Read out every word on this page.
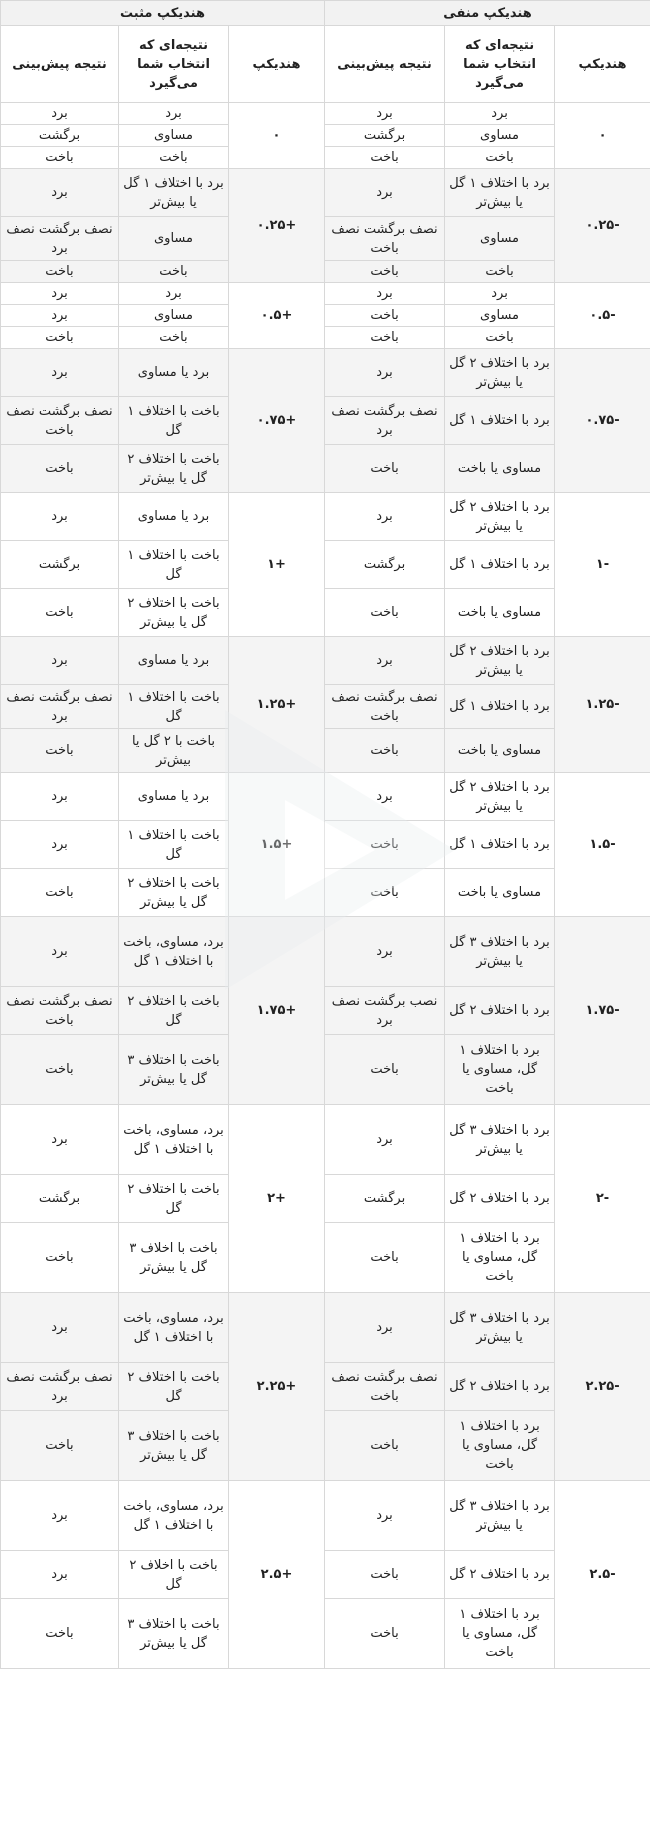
هندیکپ منفی			هندیکپ مثبت		
هندیکپ	نتیجه‌ای که انتخاب شما می‌گیرد	نتیجه پیش‌بینی	هندیکپ	نتیجه‌ای که انتخاب شما می‌گیرد	نتیجه پیش‌بینی
۰	برد	برد	۰	برد	برد
	مساوی	برگشت		مساوی	برگشت
	باخت	باخت		باخت	باخت
۰.۲۵-	برد با اختلاف ۱ گل یا بیش‌تر	برد	۰.۲۵+	برد با اختلاف ۱ گل یا بیش‌تر	برد
	مساوی	نصف برگشت نصف باخت		مساوی	نصف برگشت نصف برد
	باخت	باخت		باخت	باخت
۰.۵-	برد	برد	۰.۵+	برد	برد
	مساوی	باخت		مساوی	برد
	باخت	باخت		باخت	باخت
۰.۷۵-	برد با اختلاف ۲ گل یا بیش‌تر	برد	۰.۷۵+	برد یا مساوی	برد
	برد با اختلاف ۱ گل	نصف برگشت نصف برد		باخت با اختلاف ۱ گل	نصف برگشت نصف باخت
	مساوی یا باخت	باخت		باخت با اختلاف ۲ گل یا بیش‌تر	باخت
۱-	برد با اختلاف ۲ گل یا بیش‌تر	برد	۱+	برد یا مساوی	برد
	برد با اختلاف ۱ گل	برگشت		باخت با اختلاف ۱ گل	برگشت
	مساوی یا باخت	باخت		باخت با اختلاف ۲ گل یا بیش‌تر	باخت
۱.۲۵-	برد با اختلاف ۲ گل یا بیش‌تر	برد	۱.۲۵+	برد یا مساوی	برد
	برد با اختلاف ۱ گل	نصف برگشت نصف باخت		باخت با اختلاف ۱ گل	نصف برگشت نصف برد
	مساوی یا باخت	باخت		باخت با ۲ گل یا بیش‌تر	باخت
۱.۵-	برد با اختلاف ۲ گل یا بیش‌تر	برد	۱.۵+	برد یا مساوی	برد
	برد با اختلاف ۱ گل	باخت		باخت با اختلاف ۱ گل	برد
	مساوی یا باخت	باخت		باخت با اختلاف ۲ گل یا بیش‌تر	باخت
۱.۷۵-	برد با اختلاف ۳ گل یا بیش‌تر	برد	۱.۷۵+	برد، مساوی، باخت با اختلاف ۱ گل	برد
	برد با اختلاف ۲ گل	نصب برگشت نصف برد		باخت با اختلاف ۲ گل	نصف برگشت نصف باخت
	برد با اختلاف ۱ گل، مساوی یا باخت	باخت		باخت با اختلاف ۳ گل یا بیش‌تر	باخت
۲-	برد با اختلاف ۳ گل یا بیش‌تر	برد	۲+	برد، مساوی، باخت با اختلاف ۱ گل	برد
	برد با اختلاف ۲ گل	برگشت		باخت با اختلاف ۲ گل	برگشت
	برد با اختلاف ۱ گل، مساوی یا باخت	باخت		باخت با اخلاف ۳ گل یا بیش‌تر	باخت
۲.۲۵-	برد با اختلاف ۳ گل یا بیش‌تر	برد	۲.۲۵+	برد، مساوی، باخت با اختلاف ۱ گل	برد
	برد با اختلاف ۲ گل	نصف برگشت نصف باخت		باخت با اختلاف ۲ گل	نصف برگشت نصف برد
	برد با اختلاف ۱ گل، مساوی یا باخت	باخت		باخت با اختلاف ۳ گل یا بیش‌تر	باخت
۲.۵-	برد با اختلاف ۳ گل یا بیش‌تر	برد	۲.۵+	برد، مساوی، باخت با اختلاف ۱ گل	برد
	برد با اختلاف ۲ گل	باخت		باخت با اخلاف ۲ گل	برد
	برد با اختلاف ۱ گل، مساوی یا باخت	باخت		باخت با اختلاف ۳ گل یا بیش‌تر	باخت
